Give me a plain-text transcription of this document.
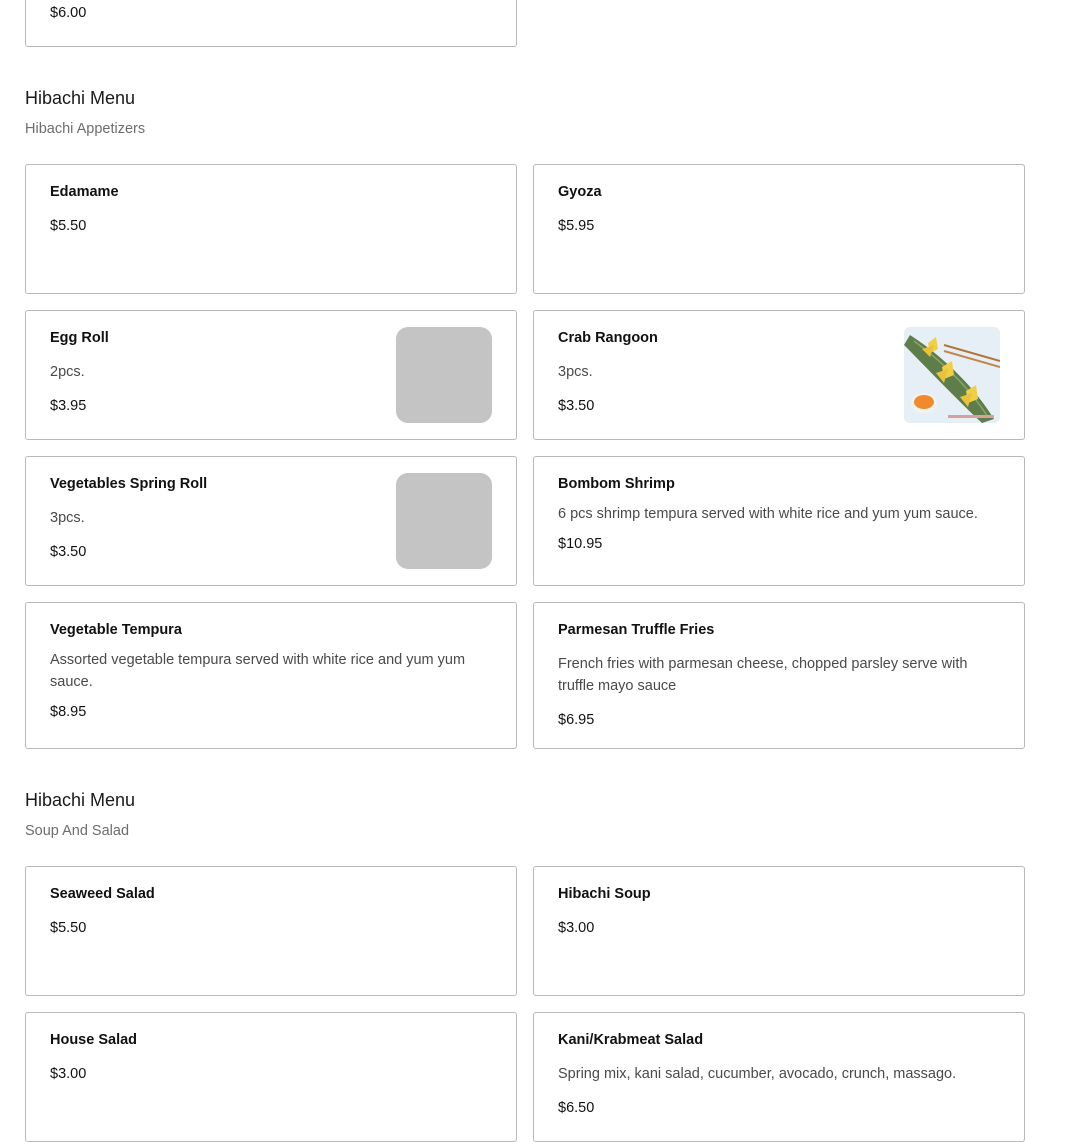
$6.00
Hibachi Menu
Hibachi Appetizers
Edamame
$5.50
Gyoza
$5.95
Egg Roll
2pcs.
$3.95
Crab Rangoon
3pcs.
$3.50
Vegetables Spring Roll
3pcs.
$3.50
Bombom Shrimp
6 pcs shrimp tempura served with white rice and yum yum sauce.
$10.95
Vegetable Tempura
Assorted vegetable tempura served with white rice and yum yum sauce.
$8.95
Parmesan Truffle Fries
French fries with parmesan cheese, chopped parsley serve with truffle mayo sauce
$6.95
Hibachi Menu
Soup And Salad
Seaweed Salad
$5.50
Hibachi Soup
$3.00
House Salad
$3.00
Kani/Krabmeat Salad
Spring mix, kani salad, cucumber, avocado, crunch, massago.
$6.50
